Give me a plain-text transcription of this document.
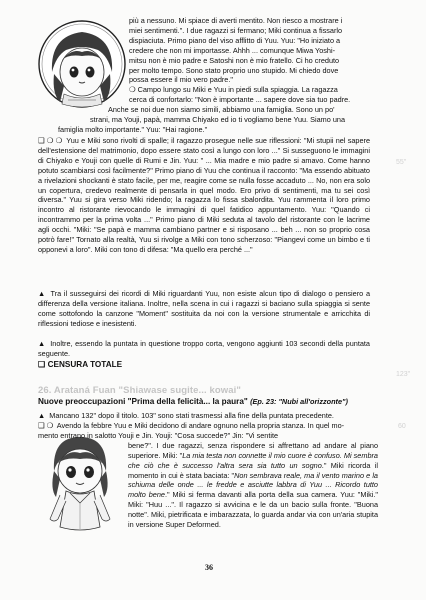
55"
123"
60
più a nessuno. Mi spiace di averti mentito. Non riesco a mostrare i
miei sentimenti.". I due ragazzi si fermano; Miki continua a fissarlo
dispiaciuta. Primo piano del viso afflitto di Yuu. Yuu: "Ho iniziato a
credere che non mi importasse. Ahhh ... comunque Miwa Yoshi-
mitsu non è mio padre e Satoshi non è mio fratello. Ci ho creduto
per molto tempo. Sono stato proprio uno stupido. Mi chiedo dove
possa essere il mio vero padre."
❍ Campo lungo su Miki e Yuu in piedi sulla spiaggia. La ragazza
cerca di confortarlo: "Non è importante ... sapere dove sia tuo padre.
Anche se noi due non siamo simili, abbiamo una famiglia. Sono un po'
strani, ma Youji, papà, mamma Chiyako ed io ti vogliamo bene Yuu. Siamo una
famiglia molto importante." Yuu: "Hai ragione."

❑ ❍ ❍ Yuu e Miki sono rivolti di spalle; il ragazzo prosegue nelle sue riflessioni: "Mi stupii nel sapere dell'estensione del matrimonio, dopo essere stato così a lungo con loro ..." Si susseguono le immagini di Chiyako e Youji con quelle di Rumi e Jin. Yuu: " ... Mia madre e mio padre si amavo. Come hanno potuto scambiarsi così facilmente?" Primo piano di Yuu che continua il racconto: "Ma essendo abituato a rivelazioni shockanti è stato facile, per me, reagire come se nulla fosse accaduto ... No, non era solo un copertura, credevo realmente di pensarla in quel modo. Ero privo di sentimenti, ma tu sei così diversa." Yuu si gira verso Miki ridendo; la ragazza lo fissa sbalordita. Yuu rammenta il loro primo incontro al ristorante rievocando le immagini di quel fatidico appuntamento. Yuu: "Quando ci incontrammo per la prima volta ..." Primo piano di Miki seduta al tavolo del ristorante con le lacrime agli occhi. "Miki: "Se papà e mamma cambiano partner e si risposano ... beh ... non so proprio cosa potrò fare!" Tornato alla realtà, Yuu si rivolge a Miki con tono scherzoso: "Piangevi come un bimbo e ti opponevi a loro". Miki con tono di difesa: "Ma quello era perché ..."

▲ Tra il susseguirsi dei ricordi di Miki riguardanti Yuu, non esiste alcun tipo di dialogo o pensiero a differenza della versione italiana. Inoltre, nella scena in cui i ragazzi si baciano sulla spiaggia si sente come sottofondo la canzone "Moment" sostituita da noi con la versione strumentale e arricchita di riflessioni tediose e inesistenti.

▲ Inoltre, essendo la puntata in questione troppo corta, vengono aggiunti 103 secondi della puntata seguente.

❑ CENSURA TOTALE
26. Arataná Fuan "Shiawase sugite... kowai"
Nuove preoccupazioni "Prima della felicità... la paura" (Ep. 23: "Nubi all'orizzonte")

▲ Mancano 132" dopo il titolo. 103" sono stati trasmessi alla fine della puntata precedente.

❑ ❍ Avendo la febbre Yuu e Miki decidono di andare ognuno nella propria stanza. In quel mo-
mento entrano in salotto Youji e Jin. Youji: "Cosa succede?" Jin: "Vi sentite

bene?". I due ragazzi, senza rispondere si affrettano ad andare al piano superiore. Miki: "La mia testa non connette il mio cuore è confuso. Mi sembra che ciò che è successo l'altra sera sia tutto un sogno." Miki ricorda il momento in cui è stata baciata: "Non sembrava reale, ma il vento marino e la schiuma delle onde ... le fredde e asciutte labbra di Yuu ... Ricordo tutto molto bene." Miki si ferma davanti alla porta della sua camera. Yuu: "Miki." Miki: "Huu ...". Il ragazzo si avvicina e le da un bacio sulla fronte. "Buona notte". Miki, pietrificata e imbarazzata, lo guarda andar via con un'aria stupita in versione Super Deformed.

36
